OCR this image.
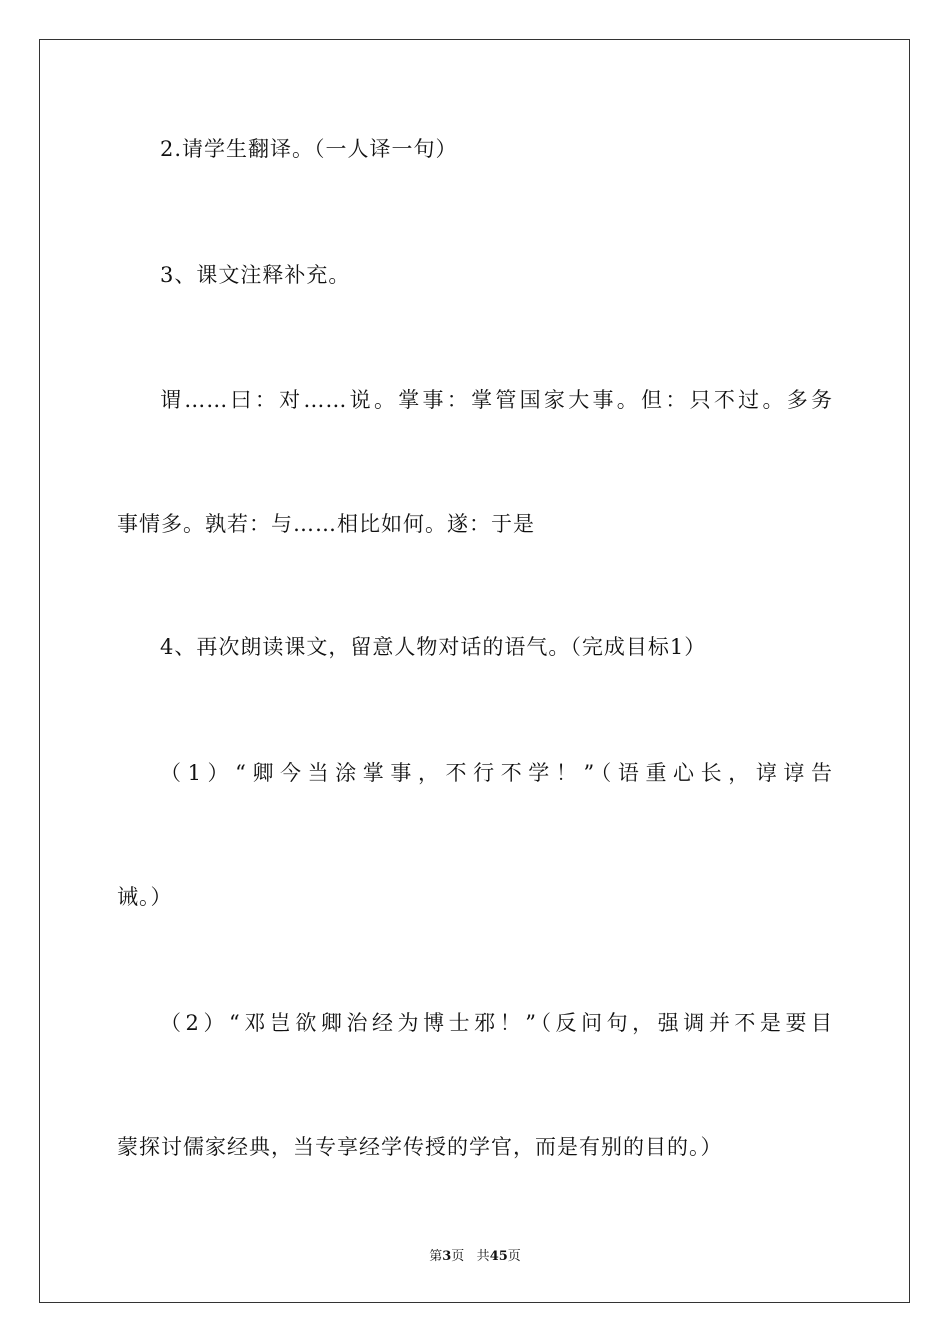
2.请学生翻译。（一人译一句）
3、课文注释补充。
谓……曰：对……说。掌事：掌管国家大事。但：只不过。多务
事情多。孰若：与……相比如何。遂：于是
4、再次朗读课文，留意人物对话的语气。（完成目标1）
（1）“卿今当涂掌事，不行不学！”（语重心长，谆谆告
诫。）
（2）“邓岂欲卿治经为博士邪！”（反问句，强调并不是要目
蒙探讨儒家经典，当专享经学传授的学官，而是有别的目的。）
第3页 共45页
